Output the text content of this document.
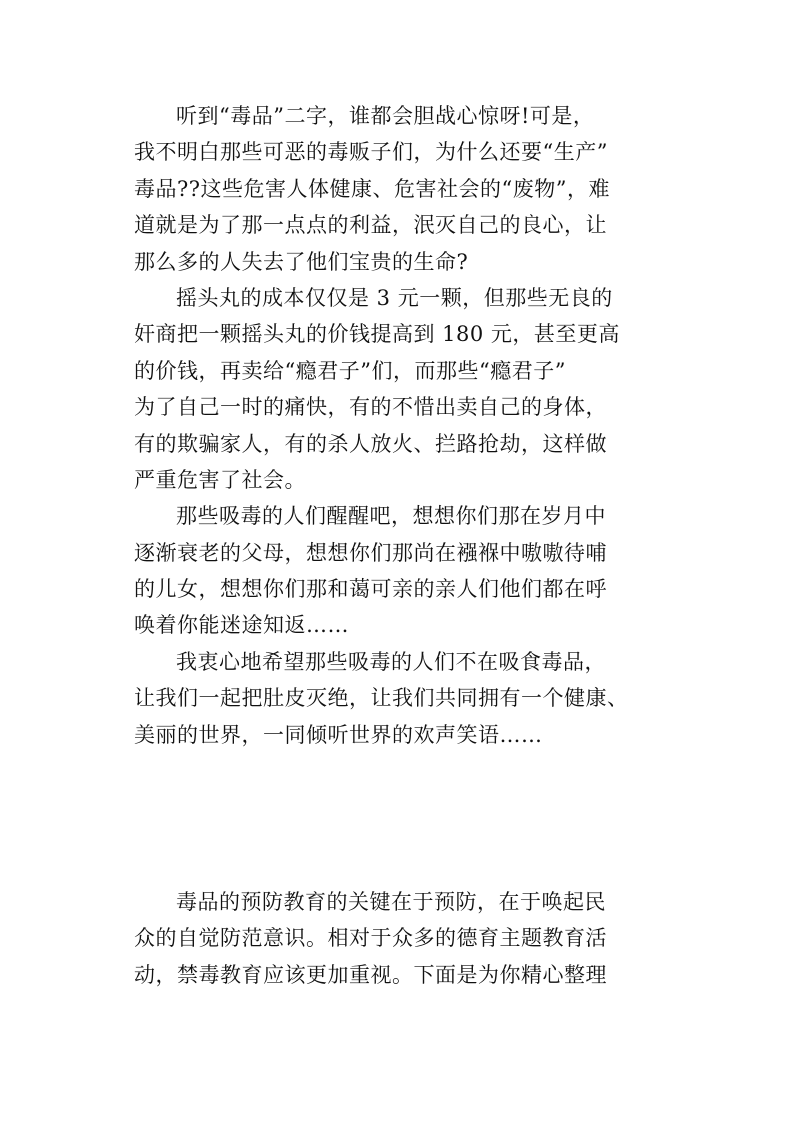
听到“毒品”二字，谁都会胆战心惊呀!可是，
我不明白那些可恶的毒贩子们，为什么还要“生产”
毒品??这些危害人体健康、危害社会的“废物”，难
道就是为了那一点点的利益，泯灭自己的良心，让
那么多的人失去了他们宝贵的生命?
摇头丸的成本仅仅是 3 元一颗，但那些无良的
奸商把一颗摇头丸的价钱提高到 180 元，甚至更高
的价钱，再卖给“瘾君子”们，而那些“瘾君子”
为了自己一时的痛快，有的不惜出卖自己的身体，
有的欺骗家人，有的杀人放火、拦路抢劫，这样做
严重危害了社会。
那些吸毒的人们醒醒吧，想想你们那在岁月中
逐渐衰老的父母，想想你们那尚在襁褓中嗷嗷待哺
的儿女，想想你们那和蔼可亲的亲人们他们都在呼
唤着你能迷途知返……
我衷心地希望那些吸毒的人们不在吸食毒品，
让我们一起把肚皮灭绝，让我们共同拥有一个健康、
美丽的世界，一同倾听世界的欢声笑语……
毒品的预防教育的关键在于预防，在于唤起民
众的自觉防范意识。相对于众多的德育主题教育活
动，禁毒教育应该更加重视。下面是为你精心整理
